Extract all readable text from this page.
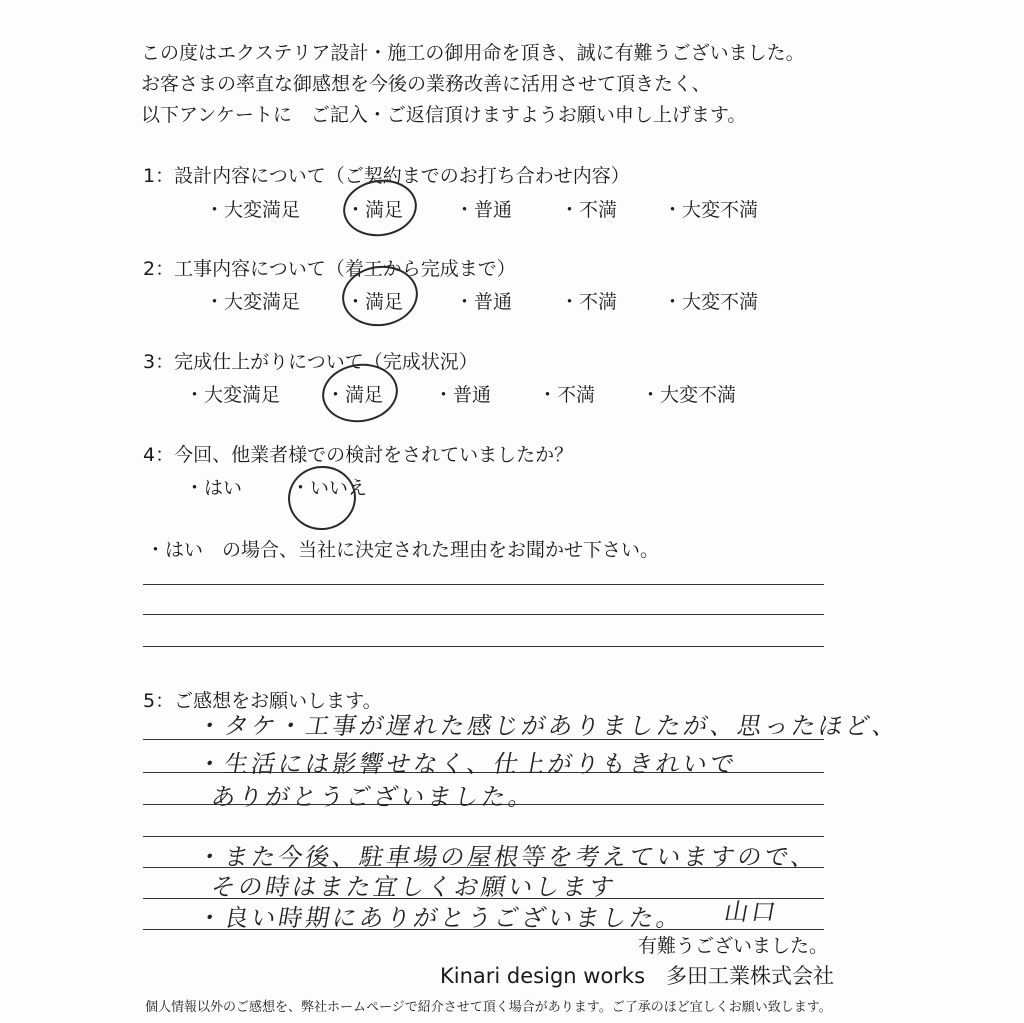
この度はエクステリア設計・施工の御用命を頂き、誠に有難うございました。
お客さまの率直な御感想を今後の業務改善に活用させて頂きたく、
以下アンケートに　ご記入・ご返信頂けますようお願い申し上げます。
1：設計内容について（ご契約までのお打ち合わせ内容）
・大変満足 ・満足	・普通	・不満 ・大変不満
2：工事内容について（着工から完成まで）
・大変満足 ・満足	・普通	・不満 ・大変不満
3：完成仕上がりについて（完成状況）
・大変満足 ・満足	・普通 ・不満 ・大変不満
4：今回、他業者様での検討をされていましたか？
・はい	・いいえ
・はい　の場合、当社に決定された理由をお聞かせ下さい。
5：ご感想をお願いします。
・タケ・工事が遅れた感じがありましたが、思ったほど、
・生活には影響せなく、仕上がりもきれいで
ありがとうございました。
・また今後、駐車場の屋根等を考えていますので、
その時はまた宜しくお願いします
・良い時期にありがとうございました。 山口
有難うございました。
Kinari design works　多田工業株式会社
個人情報以外のご感想を、弊社ホームページで紹介させて頂く場合があります。ご了承のほど宜しくお願い致します。
